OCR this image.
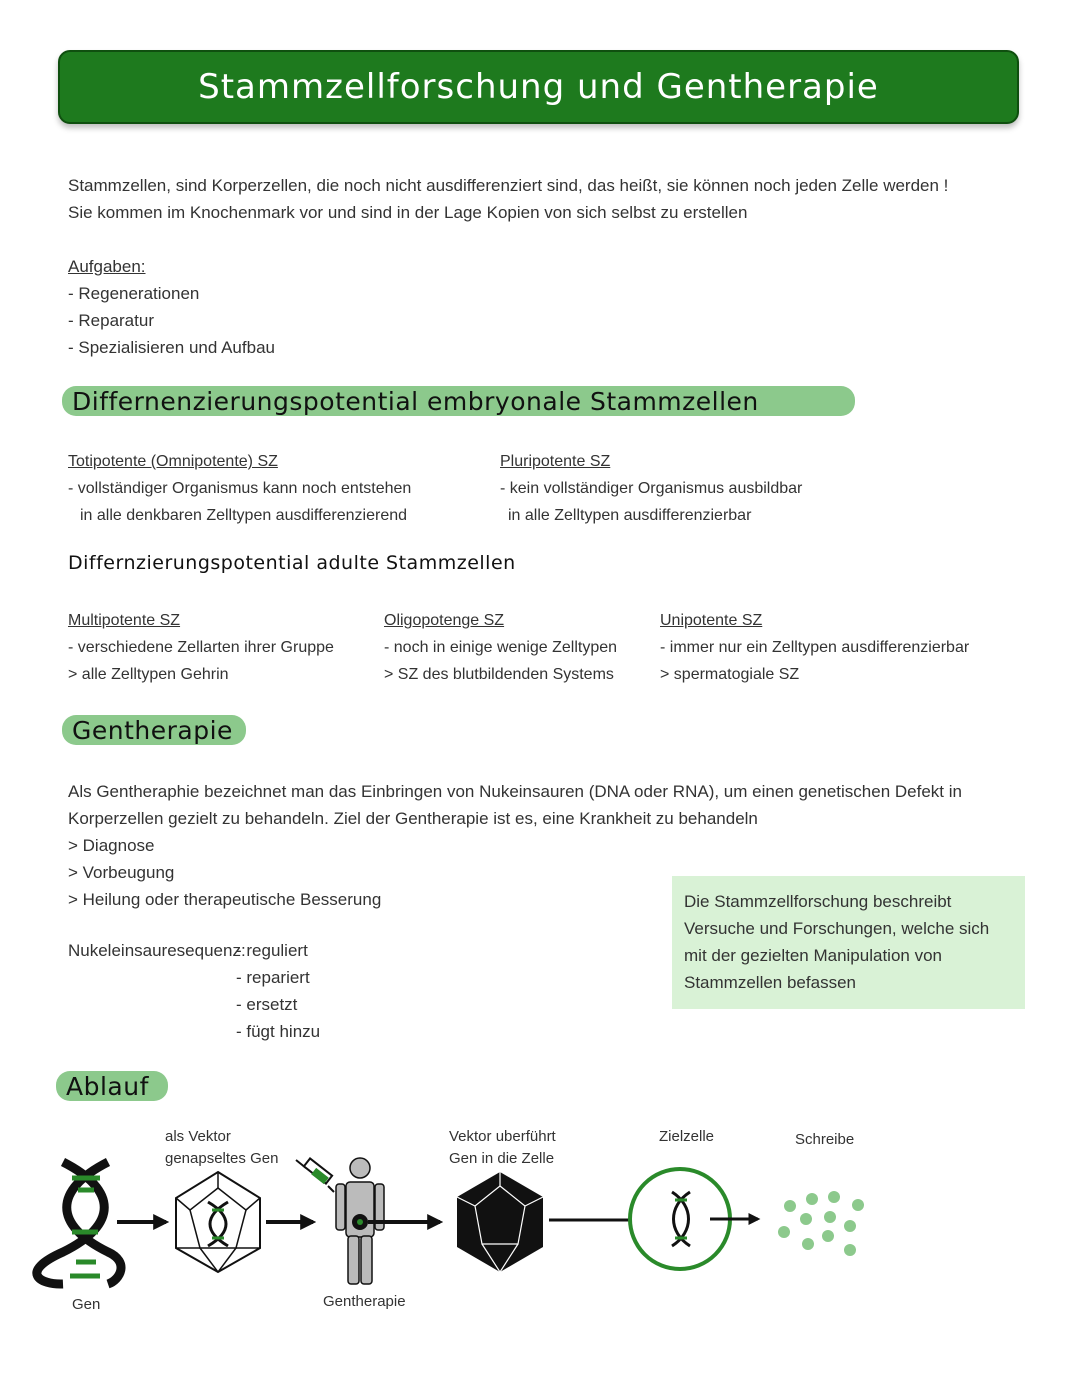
Stammzellforschung und Gentherapie
Stammzellen, sind Korperzellen, die noch nicht ausdifferenziert sind, das heißt, sie können noch jeden Zelle werden !
Sie kommen im Knochenmark vor und sind in der Lage Kopien von sich selbst zu erstellen
Aufgaben:
- Regenerationen
- Reparatur
- Spezialisieren und Aufbau
Differnenzierungspotential embryonale Stammzellen
Totipotente (Omnipotente) SZ
- vollständiger Organismus kann noch entstehen
in alle denkbaren Zelltypen ausdifferenzierend
Pluripotente SZ
- kein vollständiger Organismus ausbildbar
in alle Zelltypen ausdifferenzierbar
Differnzierungspotential adulte Stammzellen
Multipotente SZ
- verschiedene Zellarten ihrer Gruppe
> alle Zelltypen Gehrin
Oligopotenge SZ
- noch in einige wenige Zelltypen
> SZ des blutbildenden Systems
Unipotente SZ
- immer nur ein Zelltypen ausdifferenzierbar
> spermatogiale SZ
Gentherapie
Als Gentheraphie bezeichnet man das Einbringen von Nukeinsauren (DNA oder RNA), um einen genetischen Defekt in
Korperzellen gezielt zu behandeln. Ziel der Gentherapie ist es, eine Krankheit zu behandeln
> Diagnose
> Vorbeugung
> Heilung oder therapeutische Besserung
Nukeleinsauresequenz:
- reguliert
- repariert
- ersetzt
- fügt hinzu
Die Stammzellforschung beschreibt Versuche und Forschungen, welche sich mit der gezielten Manipulation von Stammzellen befassen
Ablauf
Gen
als Vektor
genapseltes Gen
Gentherapie
Vektor uberführt
Gen in die Zelle
Zielzelle	Schreibe
